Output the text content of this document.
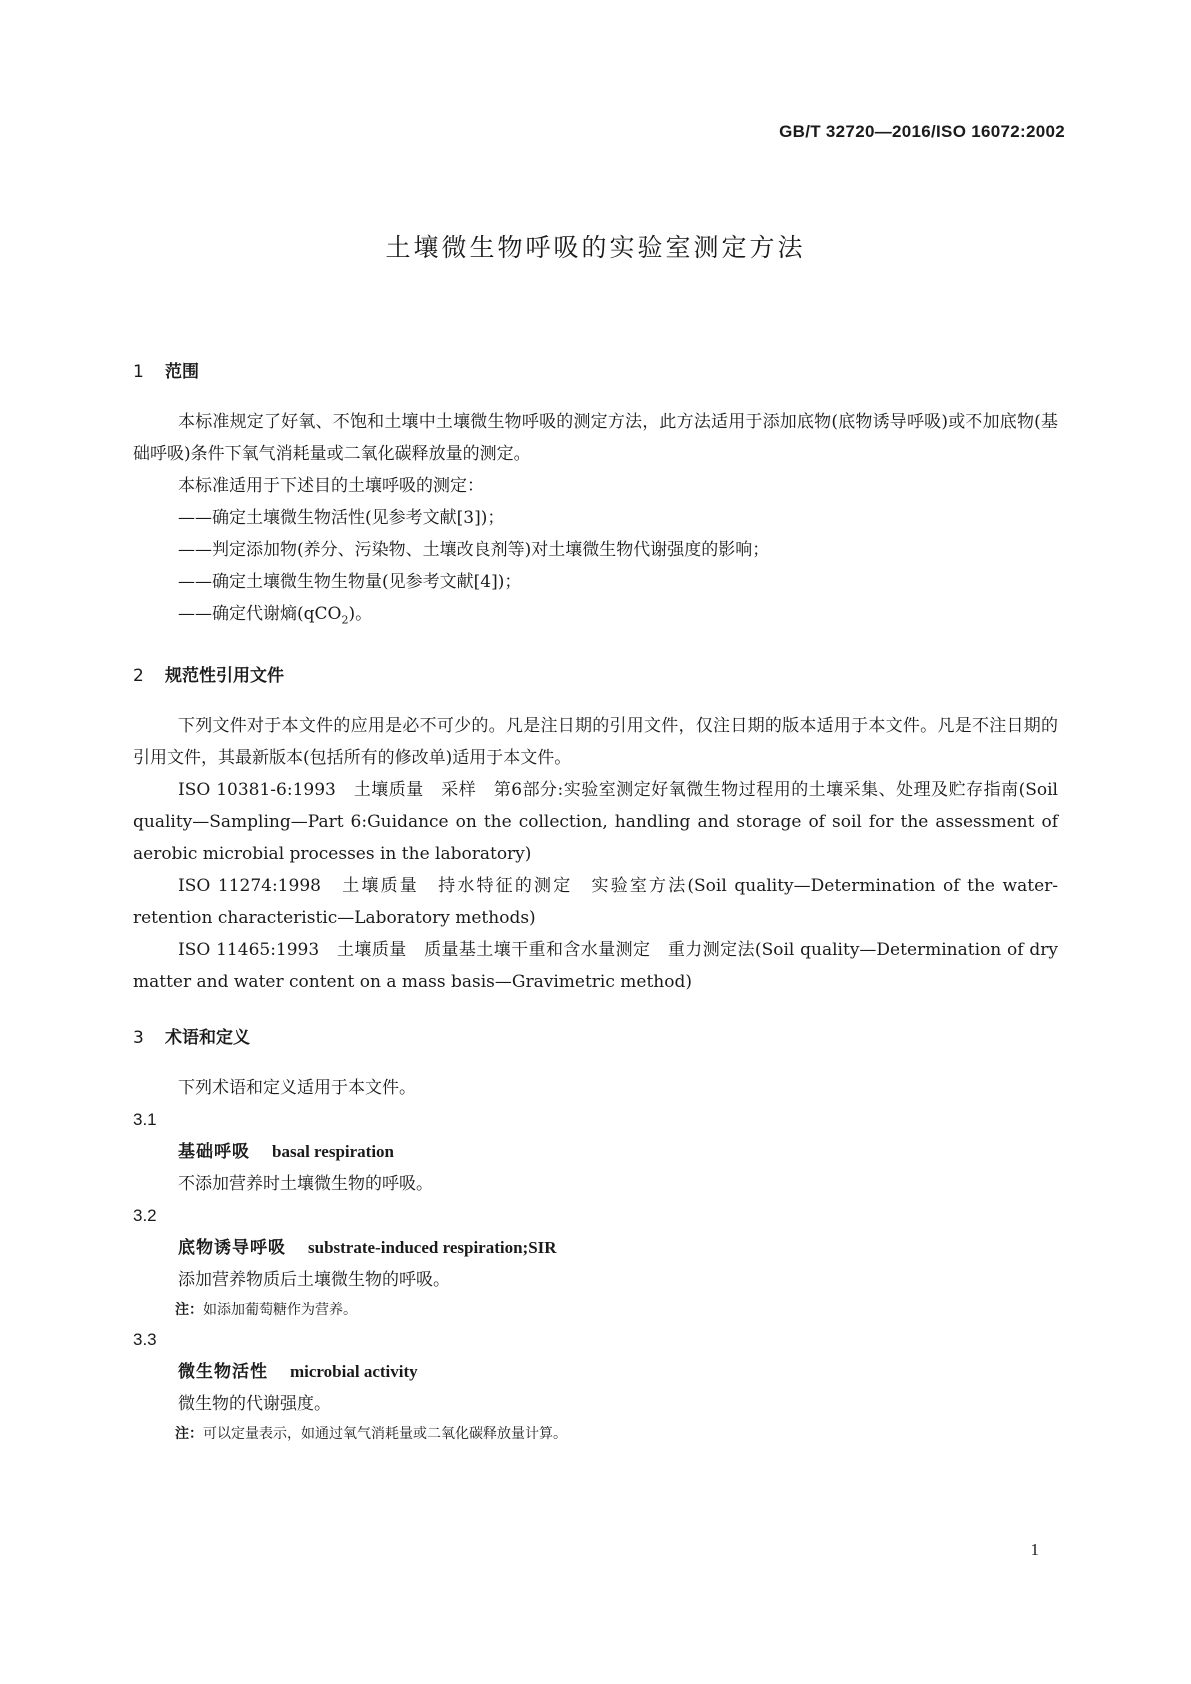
GB/T 32720—2016/ISO 16072:2002
土壤微生物呼吸的实验室测定方法
1 范围

本标准规定了好氧、不饱和土壤中土壤微生物呼吸的测定方法，此方法适用于添加底物(底物诱导呼吸)或不加底物(基础呼吸)条件下氧气消耗量或二氧化碳释放量的测定。

本标准适用于下述目的土壤呼吸的测定：

——确定土壤微生物活性(见参考文献[3])；

——判定添加物(养分、污染物、土壤改良剂等)对土壤微生物代谢强度的影响；

——确定土壤微生物生物量(见参考文献[4])；

——确定代谢熵(qCO$_2$)。

2 规范性引用文件

下列文件对于本文件的应用是必不可少的。凡是注日期的引用文件，仅注日期的版本适用于本文件。凡是不注日期的引用文件，其最新版本(包括所有的修改单)适用于本文件。

ISO 10381-6:1993　土壤质量　采样　第6部分:实验室测定好氧微生物过程用的土壤采集、处理及贮存指南(Soil quality—Sampling—Part 6:Guidance on the collection, handling and storage of soil for the assessment of aerobic microbial processes in the laboratory)

ISO 11274:1998　土壤质量　持水特征的测定　实验室方法(Soil quality—Determination of the water-retention characteristic—Laboratory methods)

ISO 11465:1993　土壤质量　质量基土壤干重和含水量测定　重力测定法(Soil quality—Determination of dry matter and water content on a mass basis—Gravimetric method)

3 术语和定义

下列术语和定义适用于本文件。

3.1

基础呼吸 basal respiration

不添加营养时土壤微生物的呼吸。

3.2

底物诱导呼吸 substrate-induced respiration;SIR

添加营养物质后土壤微生物的呼吸。

注：如添加葡萄糖作为营养。

3.3

微生物活性 microbial activity

微生物的代谢强度。

注：可以定量表示，如通过氧气消耗量或二氧化碳释放量计算。

1
